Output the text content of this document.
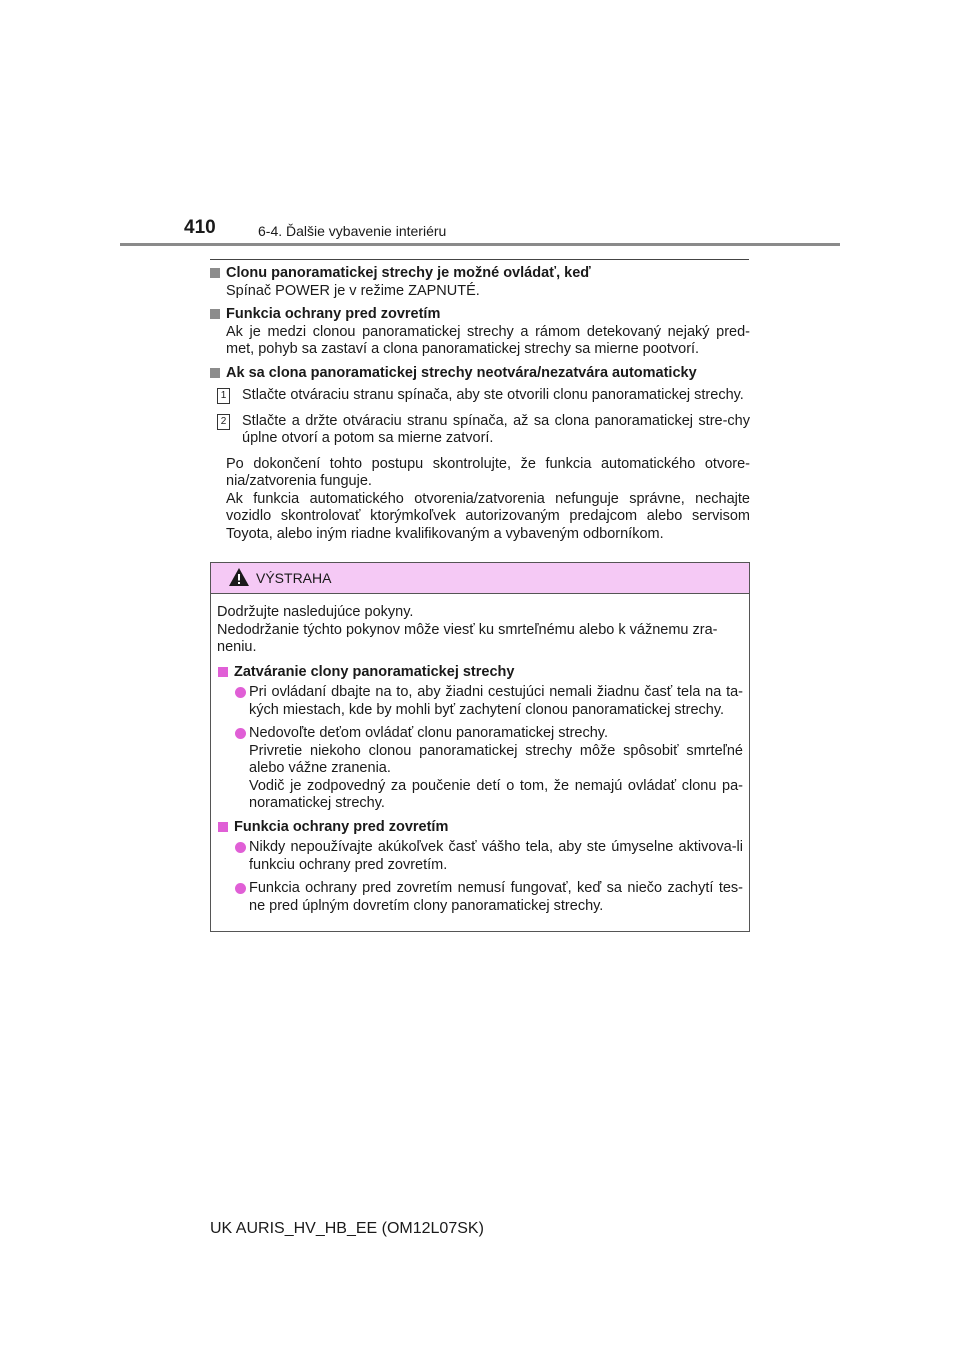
410	6-4. Ďalšie vybavenie interiéru
Clonu panoramatickej strechy je možné ovládať, keď
Spínač POWER je v režime ZAPNUTÉ.
Funkcia ochrany pred zovretím
Ak je medzi clonou panoramatickej strechy a rámom detekovaný nejaký pred-met, pohyb sa zastaví a clona panoramatickej strechy sa mierne pootvorí.
Ak sa clona panoramatickej strechy neotvára/nezatvára automaticky
1 Stlačte otváraciu stranu spínača, aby ste otvorili clonu panoramatickej strechy.
2 Stlačte a držte otváraciu stranu spínača, až sa clona panoramatickej stre-chy úplne otvorí a potom sa mierne zatvorí.
Po dokončení tohto postupu skontrolujte, že funkcia automatického otvore-nia/zatvorenia funguje.
Ak funkcia automatického otvorenia/zatvorenia nefunguje správne, nechajte vozidlo skontrolovať ktorýmkoľvek autorizovaným predajcom alebo servisom Toyota, alebo iným riadne kvalifikovaným a vybaveným odborníkom.
VÝSTRAHA
Dodržujte nasledujúce pokyny.
Nedodržanie týchto pokynov môže viesť ku smrteľnému alebo k vážnemu zra-neniu.
Zatváranie clony panoramatickej strechy
Pri ovládaní dbajte na to, aby žiadni cestujúci nemali žiadnu časť tela na ta-kých miestach, kde by mohli byť zachytení clonou panoramatickej strechy.
Nedovoľte deťom ovládať clonu panoramatickej strechy.
Privretie niekoho clonou panoramatickej strechy môže spôsobiť smrteľné alebo vážne zranenia.
Vodič je zodpovedný za poučenie detí o tom, že nemajú ovládať clonu pa-noramatickej strechy.
Funkcia ochrany pred zovretím
Nikdy nepoužívajte akúkoľvek časť vášho tela, aby ste úmyselne aktivova-li funkciu ochrany pred zovretím.
Funkcia ochrany pred zovretím nemusí fungovať, keď sa niečo zachytí tes-ne pred úplným dovretím clony panoramatickej strechy.
UK AURIS_HV_HB_EE (OM12L07SK)
